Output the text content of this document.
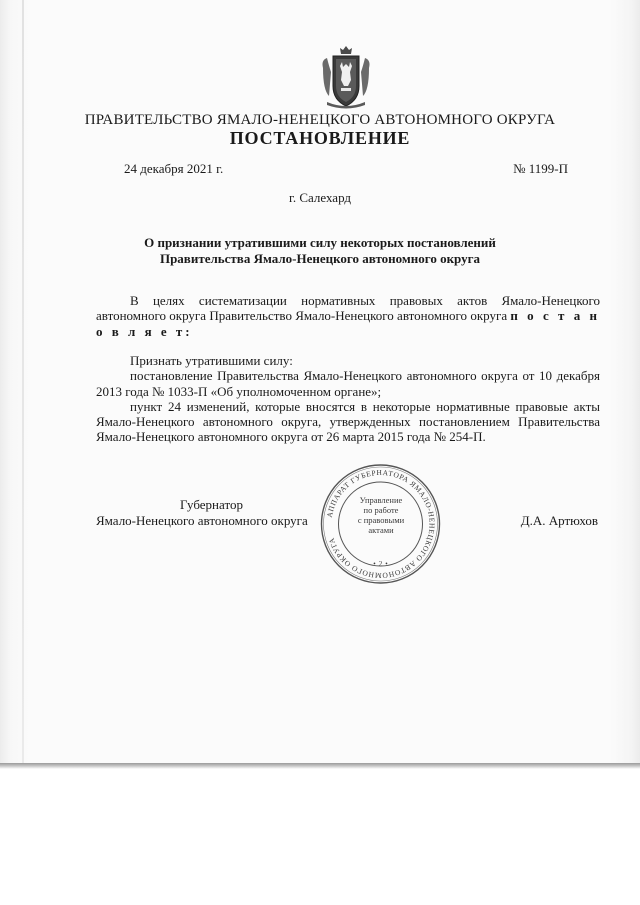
ПРАВИТЕЛЬСТВО ЯМАЛО-НЕНЕЦКОГО АВТОНОМНОГО ОКРУГА
ПОСТАНОВЛЕНИЕ
24 декабря 2021 г.	№ 1199-П
г. Салехард
О признании утратившими силу некоторых постановлений
Правительства Ямало-Ненецкого автономного округа

В целях систематизации нормативных правовых актов Ямало-Ненецкого автономного округа Правительство Ямало-Ненецкого автономного округа п о с т а н о в л я е т:

Признать утратившими силу:

постановление Правительства Ямало-Ненецкого автономного округа от 10 декабря 2013 года № 1033-П «Об уполномоченном органе»;

пункт 24 изменений, которые вносятся в некоторые нормативные правовые акты Ямало-Ненецкого автономного округа, утвержденных постановлением Правительства Ямало-Ненецкого автономного округа от 26 марта 2015 года № 254-П.

АППАРАТ ГУБЕРНАТОРА ЯМАЛО-НЕНЕЦКОГО АВТОНОМНОГО ОКРУГА
• 2 •
Управление
по работе
с правовыми
актами
Губернатор
Ямало-Ненецкого автономного округа	Д.А. Артюхов
